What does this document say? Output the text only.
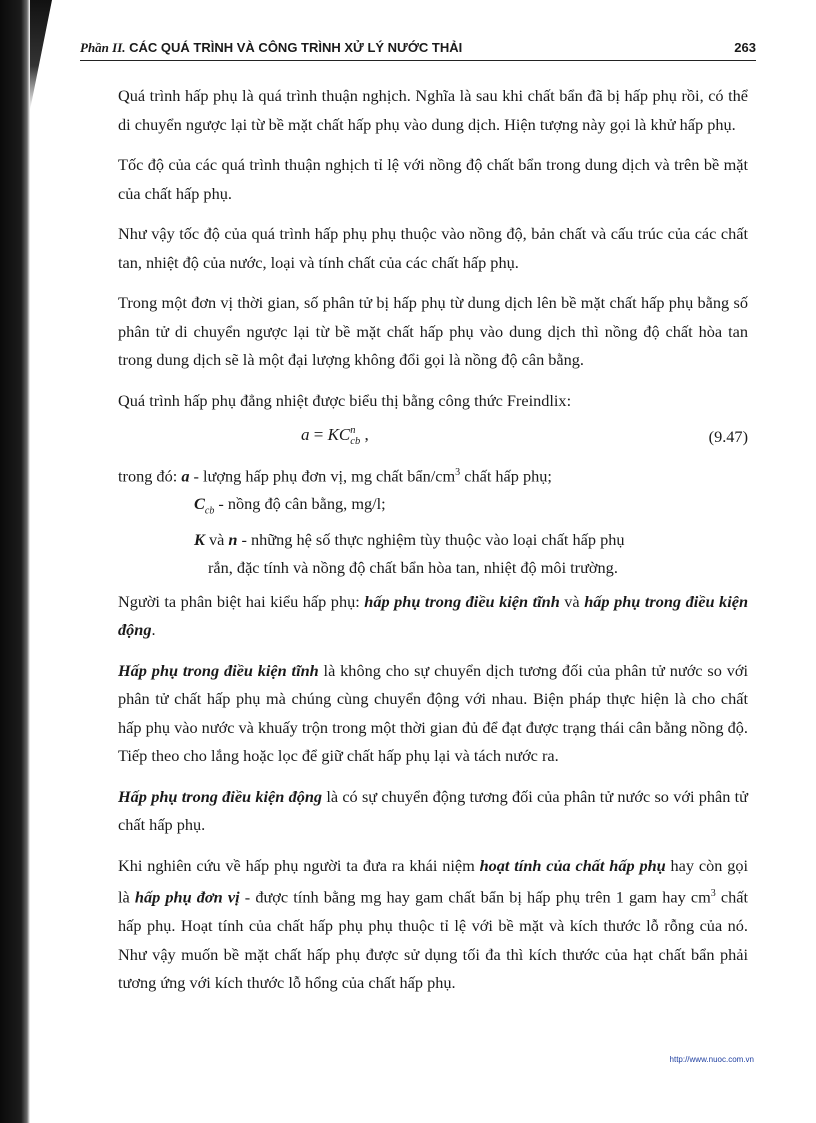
Phần II. CÁC QUÁ TRÌNH VÀ CÔNG TRÌNH XỬ LÝ NƯỚC THẢI	263

Quá trình hấp phụ là quá trình thuận nghịch. Nghĩa là sau khi chất bẩn đã bị hấp phụ rồi, có thể di chuyển ngược lại từ bề mặt chất hấp phụ vào dung dịch. Hiện tượng này gọi là khử hấp phụ.

Tốc độ của các quá trình thuận nghịch tỉ lệ với nồng độ chất bẩn trong dung dịch và trên bề mặt của chất hấp phụ.

Như vậy tốc độ của quá trình hấp phụ phụ thuộc vào nồng độ, bản chất và cấu trúc của các chất tan, nhiệt độ của nước, loại và tính chất của các chất hấp phụ.

Trong một đơn vị thời gian, số phân tử bị hấp phụ từ dung dịch lên bề mặt chất hấp phụ bằng số phân tử di chuyển ngược lại từ bề mặt chất hấp phụ vào dung dịch thì nồng độ chất hòa tan trong dung dịch sẽ là một đại lượng không đổi gọi là nồng độ cân bằng.

Quá trình hấp phụ đẳng nhiệt được biểu thị bằng công thức Freindlix:

a = KC n
cb ,	(9.47)
trong đó: a - lượng hấp phụ đơn vị, mg chất bẩn/$cm^3$ chất hấp phụ;
$C_{cb}$ - nồng độ cân bằng, mg/l;
K và n - những hệ số thực nghiệm tùy thuộc vào loại chất hấp phụ
rắn, đặc tính và nồng độ chất bẩn hòa tan, nhiệt độ môi trường.

Người ta phân biệt hai kiểu hấp phụ: hấp phụ trong điều kiện tĩnh và hấp phụ trong điều kiện động.

Hấp phụ trong điều kiện tĩnh là không cho sự chuyển dịch tương đối của phân tử nước so với phân tử chất hấp phụ mà chúng cùng chuyển động với nhau. Biện pháp thực hiện là cho chất hấp phụ vào nước và khuấy trộn trong một thời gian đủ để đạt được trạng thái cân bằng nồng độ. Tiếp theo cho lắng hoặc lọc để giữ chất hấp phụ lại và tách nước ra.

Hấp phụ trong điều kiện động là có sự chuyển động tương đối của phân tử nước so với phân tử chất hấp phụ.

Khi nghiên cứu về hấp phụ người ta đưa ra khái niệm hoạt tính của chất hấp phụ hay còn gọi là hấp phụ đơn vị - được tính bằng mg hay gam chất bẩn bị hấp phụ trên 1 gam hay $cm^3$ chất hấp phụ. Hoạt tính của chất hấp phụ phụ thuộc tỉ lệ với bề mặt và kích thước lỗ rỗng của nó. Như vậy muốn bề mặt chất hấp phụ được sử dụng tối đa thì kích thước của hạt chất bẩn phải tương ứng với kích thước lỗ hổng của chất hấp phụ.

http://www.nuoc.com.vn
